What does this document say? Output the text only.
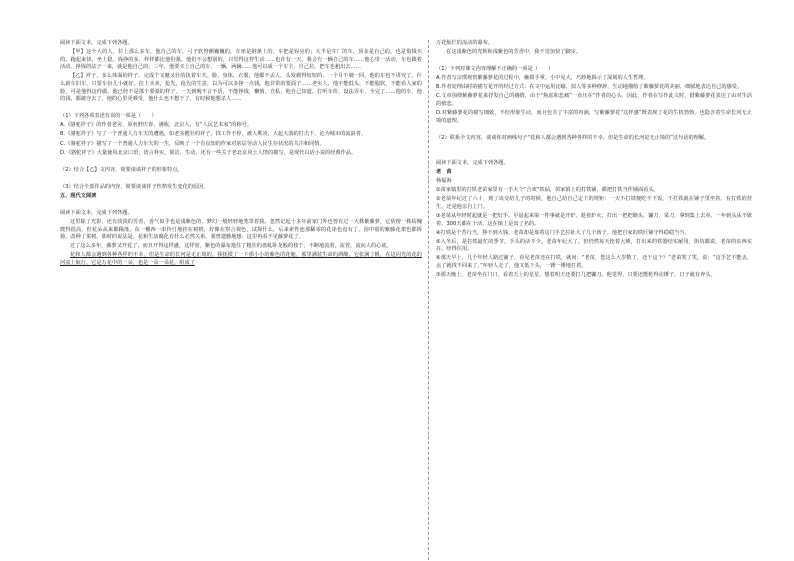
阅读下面文本，完成下列各题。

【甲】这个大的人，拉上那么多车，他自己的车，弓子软得颤巍巍的，车座是钢条上的，车把是锃亮的；大半是车厂的车，顶多是自己的，也是借钱买的。跑起来快，坐上稳，钱挣的多，样样都比他们强。他们不会想别的，只觉得这样生活……也许有一天，我会有一辆自己的车……他心里一活动，车也跟着活动，挣钱的法子一来，就是他自己的；三年，他要买上自己的车，一辆，两辆……他可以成一个车主，自己拉，把车也租出去……

【乙】祥子，多么体面的样子，完成个又魁又壮的执着车夫。脸，身体，衣服，他都不丢人。头发剃得短短的，一个月不剃一回，他的车也不讲究了。什么新车旧车，只要车份儿小就好。拉上买卖，抢先，抢先的生意，以为可以多挣一点钱。他非常的要面子……老实人，他不能低头，不能服软，不能看人家的脸，可是他得这样做。他已经不是那个要强的样子，一天到晚不言不语，不能挣钱，懒惰，自私，他自己知道。打听车价，设法弄车，全完了……他的车，他的钱，都被夺去了，他的心里更难受，他什么也不想干了，有时候他想杀人……

（1）下列各项表述有误的一项是（　　）

A.《骆驼祥子》的作者老舍，原名舒庆春，满族，北京人，有“人民艺术家”的称号。

B.《骆驼祥子》写了一个普通人力车夫的遭遇，如老实健壮的祥子，找工作不停，被人欺凌，大起大落的打击下，沦为城市的流浪者。

C.《骆驼祥子》描写了一个普通人力车夫的一生，反映了一个有良知的作家对底层劳动人民生存状况的关注和同情。

D.《骆驼祥子》大量使用北京口语，语言朴实，简洁，生动。还有一些关于老北京风土人情的描写，是现代白话小说的经典作品。

（2）结合【乙】文内容，简要谈谈祥子的形象特点。

（3）结合全部作品的内容，简要谈谈祥子性格发生变化的原因。

五、现代文阅读

阅读下面文本，完成下列各题。

这里除了光影，还有淡淡的芳香，香气似乎也是浅紫色的，梦幻一般轻轻地笼罩着我。忽然记起十多年前家门外也曾有过一大株紫藤萝，它依傍一株枯槐爬得很高，但花朵从来都稀落，东一穗西一串伶仃地挂在树梢，好像在察言观色，试探什么。后来索性连那稀零的花串也没有了。园中别的紫藤花架也都拆掉，改种了果树。那时的说法是，花和生活腐化有什么必然关系。我曾遗憾地想：这里再看不见藤萝花了。

过了这么多年，藤萝又开花了，而且开得这样盛，这样密，紫色的瀑布遮住了粗壮的盘虬卧龙般的枝干，不断地流着，流着，流向人的心底。

花和人都会遇到各种各样的不幸，但是生命的长河是无止境的。我抚摸了一下那小小的紫色的花舱，那里满装生命的酒酿，它张满了帆，在这闪光的花的河流上航行。它是万花中的一朵，也是一朵一朵花，组成了

万花灿烂的流动的瀑布。

在这浅紫色的光辉和浅紫色的芳香中，我不觉加快了脚步。

（1）下列对课文内容理解不正确的一项是（　　）

A.作者写宗璞观赏紫藤萝花的过程中，触摸手掌，小中见大，巧妙地揭示了深刻的人生哲理。

B.作者处理由时的描写花开的经过方式：在文中运用比喻、拟人等多种修辞，生动地描绘了紫藤萝花的美丽，细腻地表达自己的感受。

C.文章围绕紫藤萝花来抒发自己的感情，由于“焦虑和悲痛”一直压在“作者的心头，因此，作者在写作此文时，借紫藤萝花表达了由对生活的依恋。

D.对紫藤萝花的描写细致，不但形象生动，而且包含了丰富的内涵，写紫藤萝花“这样盛”既表现了花的生机勃勃，也隐含着生命长河无止境的道理。

（2）联系全文内容，谈谈你对画线句子“花和人都会遇到各种各样的不幸，但是生命的长河是无止境的”这句话的理解。

阅读下面文本，完成下列各题。

老　苗

杨福海

①苗家镇里的打铁老苗家里有一手大个“合欢”铁砧，苗家镇上的打铁铺，都把打铁当作铺面看头。

②老苗年纪过了六十，到了该交给儿子的时候，他自己给自己定下的规矩：一天不打铁便吃不下饭，不打铁就在铺子里坐着。有打铁的营生，还是他亲自上门。

③老苗从年轻时起就是一把好手。早晨起来第一件事就是开炉，趁着炉火，打出一把把锄头、镰刀、菜刀，拿到集上去卖。一年到头从不歇着，300天都在干活，这在镇上是出了名的。

④打铁是个苦行当，挣不到大钱，老苗却是靠着这门手艺拉扯大了几个孩子。他把自家的铁匠铺守得稳稳当当。

⑤入冬后，是打铁最忙的季节，手头的活不少。老苗年纪大了，但仍然每天抡着大锤，打出来的铁器结实耐用，街坊都说，老苗的东西实在，经得住用。

⑥那天早上，几个年轻人路过铺子，看见老苗还在打铁，就问：“老苗，您这么大岁数了，还干这个？”老苗笑了笑，说：“这手艺不能丢，丢了就找不回来了。”年轻人走了，他又低下头，一锤一锤地打着。

⑦那天晚上，老苗坐在门口，看着天上的星星，想着明天还要打几把镰刀。他觉得，只要还能抡得动锤子，日子就有奔头。
